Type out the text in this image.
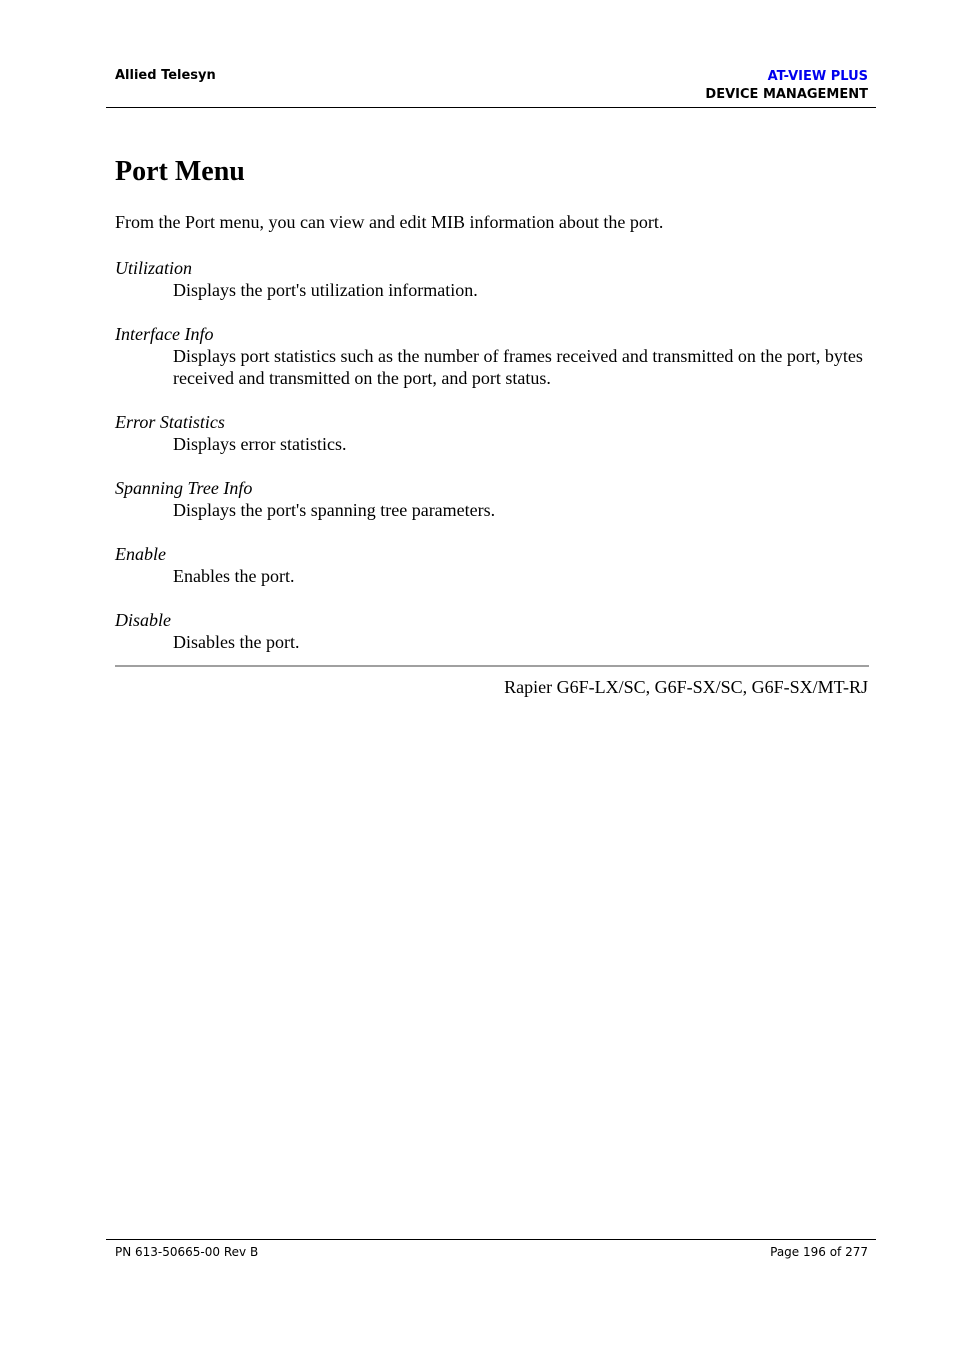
Allied Telesyn	AT-VIEW PLUS
DEVICE MANAGEMENT
Port Menu
From the Port menu, you can view and edit MIB information about the port.
Utilization
Displays the port's utilization information.
Interface Info
Displays port statistics such as the number of frames received and transmitted on the port, bytes received and transmitted on the port, and port status.
Error Statistics
Displays error statistics.
Spanning Tree Info
Displays the port's spanning tree parameters.
Enable
Enables the port.
Disable
Disables the port.
Rapier G6F-LX/SC, G6F-SX/SC, G6F-SX/MT-RJ
PN 613-50665-00 Rev B	Page 196 of 277
